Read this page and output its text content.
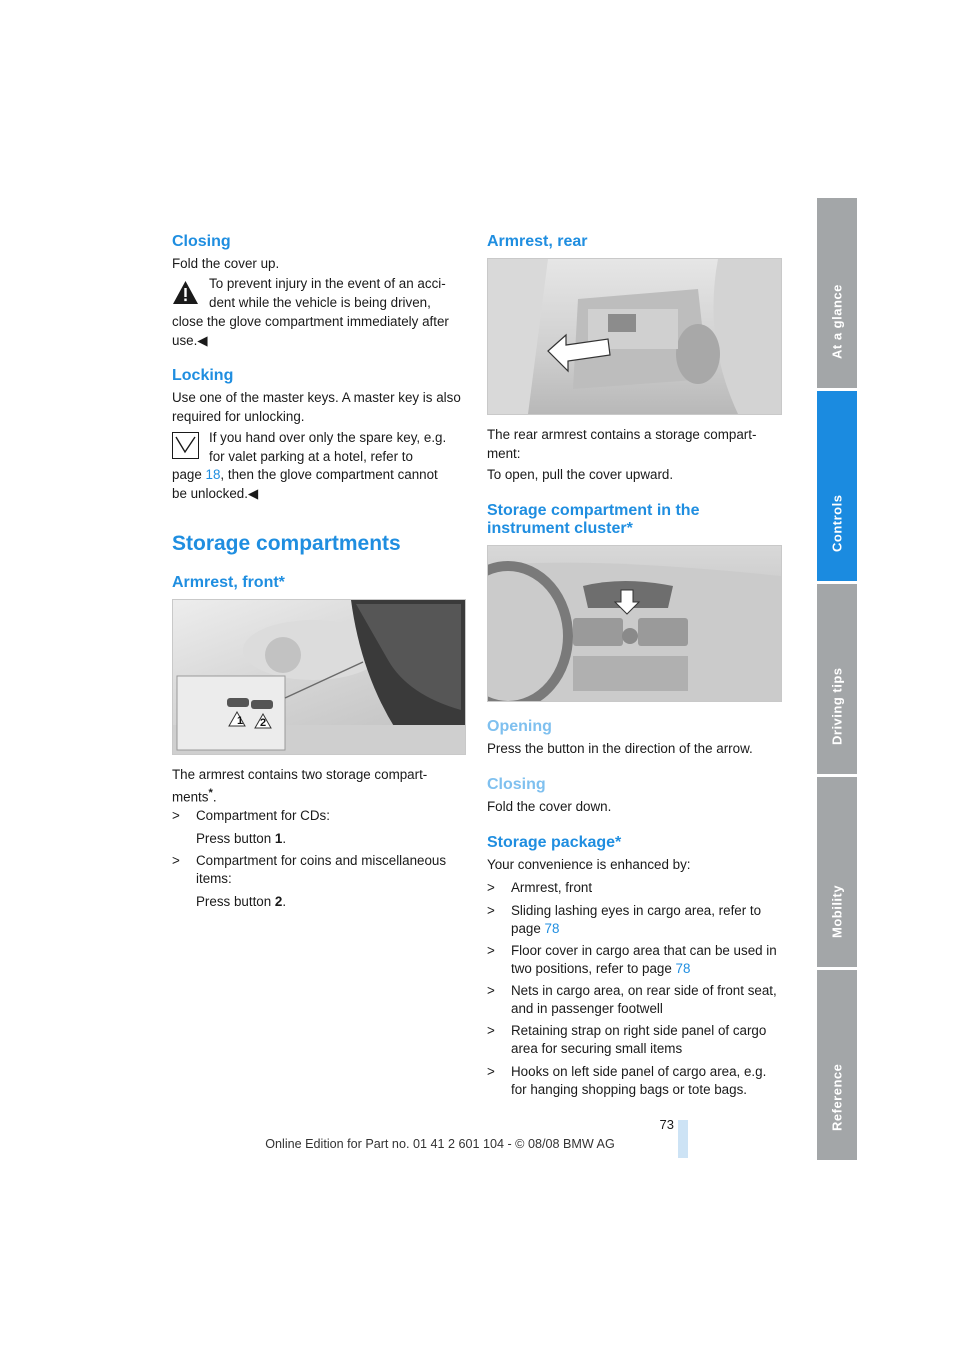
At a glance
Controls
Driving tips
Mobility
Reference
Closing
Fold the cover up.
To prevent injury in the event of an acci-
dent while the vehicle is being driven,
close the glove compartment immediately after
use.◀
Locking
Use one of the master keys. A master key is also
required for unlocking.
If you hand over only the spare key, e.g.
for valet parking at a hotel, refer to
page 18, then the glove compartment cannot
be unlocked.◀
Storage compartments
Armrest, front*
1 2
The armrest contains two storage compart-
ments*.
> Compartment for CDs:
Press button 1.
> Compartment for coins and miscellaneous
items:
Press button 2.
Armrest, rear
The rear armrest contains a storage compart-
ment:
To open, pull the cover upward.
Storage compartment in the
instrument cluster*
Opening
Press the button in the direction of the arrow.
Closing
Fold the cover down.
Storage package*
Your convenience is enhanced by:
> Armrest, front
> Sliding lashing eyes in cargo area, refer to
page 78
> Floor cover in cargo area that can be used in
two positions, refer to page 78
> Nets in cargo area, on rear side of front seat,
and in passenger footwell
> Retaining strap on right side panel of cargo
area for securing small items
> Hooks on left side panel of cargo area, e.g.
for hanging shopping bags or tote bags.
73
Online Edition for Part no. 01 41 2 601 104 - © 08/08 BMW AG
